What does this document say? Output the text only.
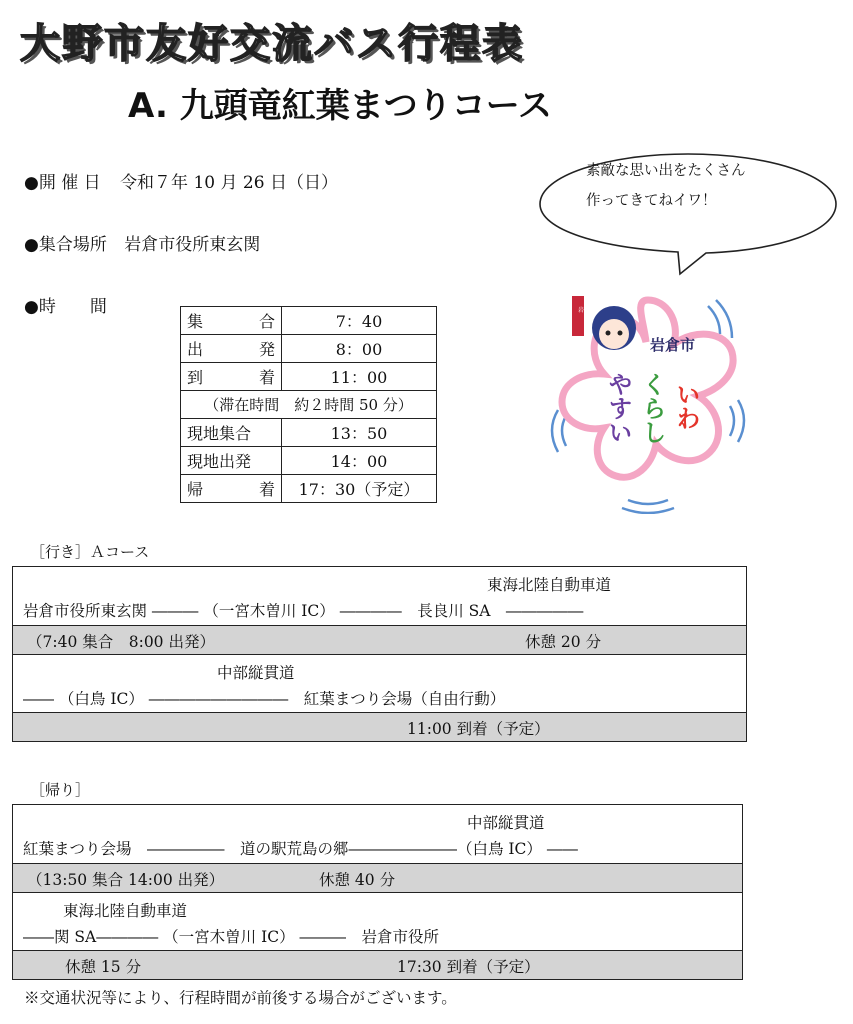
大野市友好交流バス行程表
A. 九頭竜紅葉まつりコース
●開 催 日 令和７年 10 月 26 日（日）
●集合場所 岩倉市役所東玄関
●時　　間
素敵な思い出をたくさん
作ってきてねイワ！
岩倉市
岩倉
いわ
くらし
やすい
集 合	7：40

出 発	8：00

到 着	11：00
（滞在時間　約２時間 50 分）	
現地集合	13：50
現地出発	14：00

帰 着	17：30（予定）
［行き］Ａコース
東海北陸自動車道
岩倉市役所東玄関 ――― （一宮木曽川 IC） ――――　長良川 SA　―――――
（7:40 集合　8:00 出発）	休憩 20 分
中部縦貫道
―― （白鳥 IC） ―――――――――　紅葉まつり会場（自由行動）
11:00 到着（予定）
［帰り］
中部縦貫道
紅葉まつり会場　―――――　道の駅荒島の郷―――――――（白鳥 IC） ――
（13:50 集合 14:00 出発）	休憩 40 分
東海北陸自動車道
――関 SA―――― （一宮木曽川 IC） ―――　岩倉市役所
休憩 15 分	17:30 到着（予定）
※交通状況等により、行程時間が前後する場合がございます。
